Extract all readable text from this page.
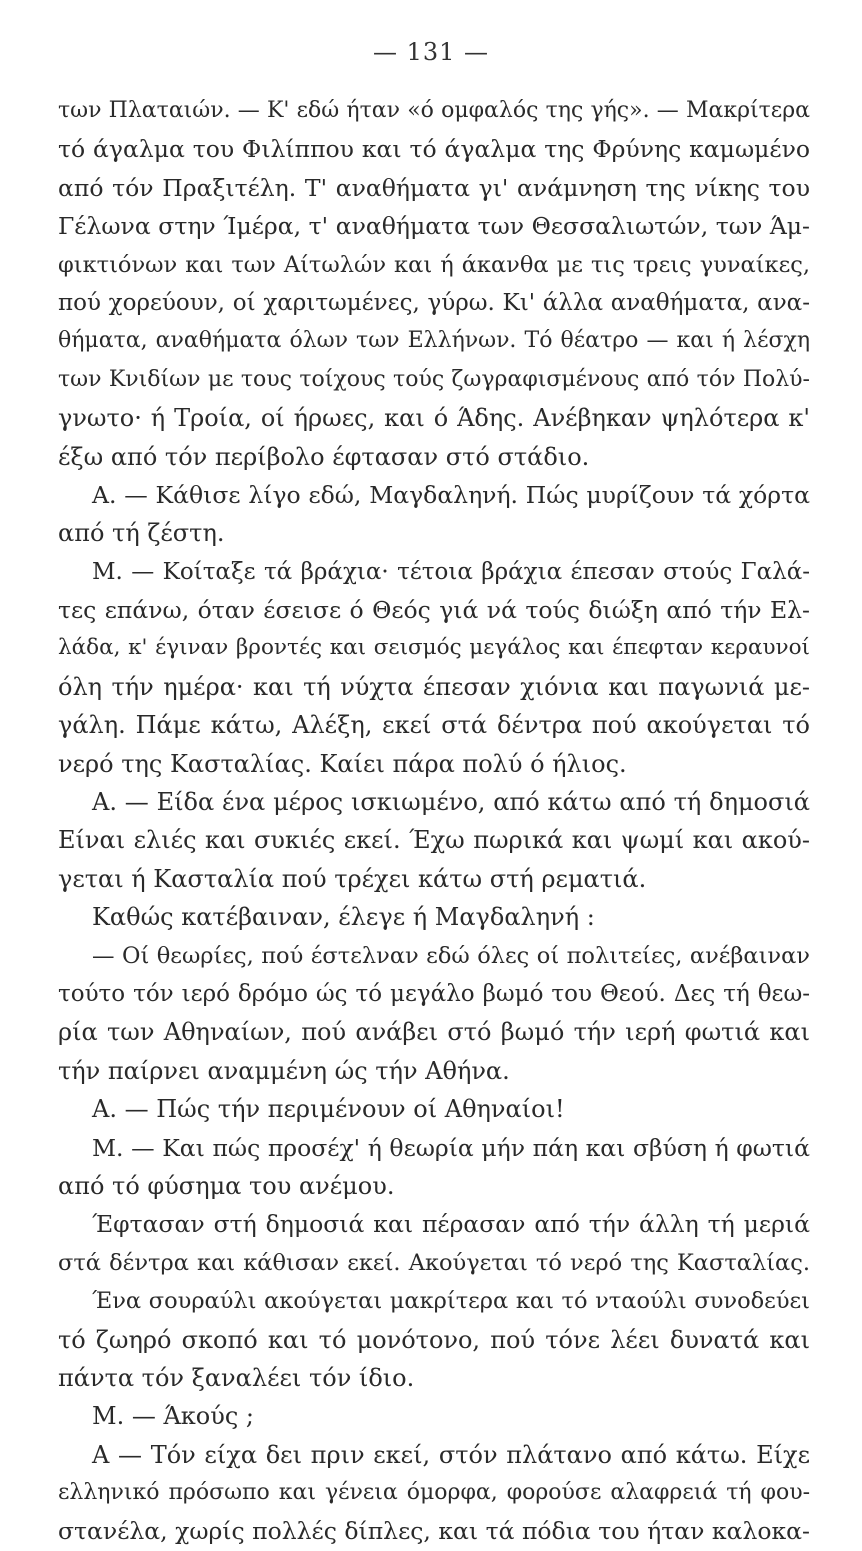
— 131 —
των Πλαταιών. — Κ' εδώ ήταν «ό ομφαλός της γής». — Μακρίτερα
τό άγαλμα του Φιλίππου και τό άγαλμα της Φρύνης καμωμένο
από τόν Πραξιτέλη. Τ' αναθήματα γι' ανάμνηση της νίκης του
Γέλωνα στην Ίμέρα, τ' αναθήματα των Θεσσαλιωτών, των Άμ-
φικτιόνων και των Αίτωλών και ή άκανθα με τις τρεις γυναίκες,
πού χορεύουν, οί χαριτωμένες, γύρω. Κι' άλλα αναθήματα, ανα-
θήματα, αναθήματα όλων των Ελλήνων. Τό θέατρο — και ή λέσχη
των Κνιδίων με τους τοίχους τούς ζωγραφισμένους από τόν Πολύ-
γνωτο· ή Τροία, οί ήρωες, και ό Άδης. Ανέβηκαν ψηλότερα κ'
έξω από τόν περίβολο έφτασαν στό στάδιο.
Α. — Κάθισε λίγο εδώ, Μαγδαληνή. Πώς μυρίζουν τά χόρτα
από τή ζέστη.
Μ. — Κοίταξε τά βράχια· τέτοια βράχια έπεσαν στούς Γαλά-
τες επάνω, όταν έσεισε ό Θεός γιά νά τούς διώξη από τήν Ελ-
λάδα, κ' έγιναν βροντές και σεισμός μεγάλος και έπεφταν κεραυνοί
όλη τήν ημέρα· και τή νύχτα έπεσαν χιόνια και παγωνιά με-
γάλη. Πάμε κάτω, Αλέξη, εκεί στά δέντρα πού ακούγεται τό
νερό της Κασταλίας. Καίει πάρα πολύ ό ήλιος.
Α. — Είδα ένα μέρος ισκιωμένο, από κάτω από τή δημοσιά
Είναι ελιές και συκιές εκεί. Έχω πωρικά και ψωμί και ακού-
γεται ή Κασταλία πού τρέχει κάτω στή ρεματιά.
Καθώς κατέβαιναν, έλεγε ή Μαγδαληνή :
— Οί θεωρίες, πού έστελναν εδώ όλες οί πολιτείες, ανέβαιναν
τούτο τόν ιερό δρόμο ώς τό μεγάλο βωμό του Θεού. Δες τή θεω-
ρία των Αθηναίων, πού ανάβει στό βωμό τήν ιερή φωτιά και
τήν παίρνει αναμμένη ώς τήν Αθήνα.
Α. — Πώς τήν περιμένουν οί Αθηναίοι!
Μ. — Και πώς προσέχ' ή θεωρία μήν πάη και σβύση ή φωτιά
από τό φύσημα του ανέμου.
Έφτασαν στή δημοσιά και πέρασαν από τήν άλλη τή μεριά
στά δέντρα και κάθισαν εκεί. Ακούγεται τό νερό της Κασταλίας.
Ένα σουραύλι ακούγεται μακρίτερα και τό νταούλι συνοδεύει
τό ζωηρό σκοπό και τό μονότονο, πού τόνε λέει δυνατά και
πάντα τόν ξαναλέει τόν ίδιο.
Μ. — Άκούς ;
Α — Τόν είχα δει πριν εκεί, στόν πλάτανο από κάτω. Είχε
ελληνικό πρόσωπο και γένεια όμορφα, φορούσε αλαφρειά τή φου-
στανέλα, χωρίς πολλές δίπλες, και τά πόδια του ήταν καλοκα-
